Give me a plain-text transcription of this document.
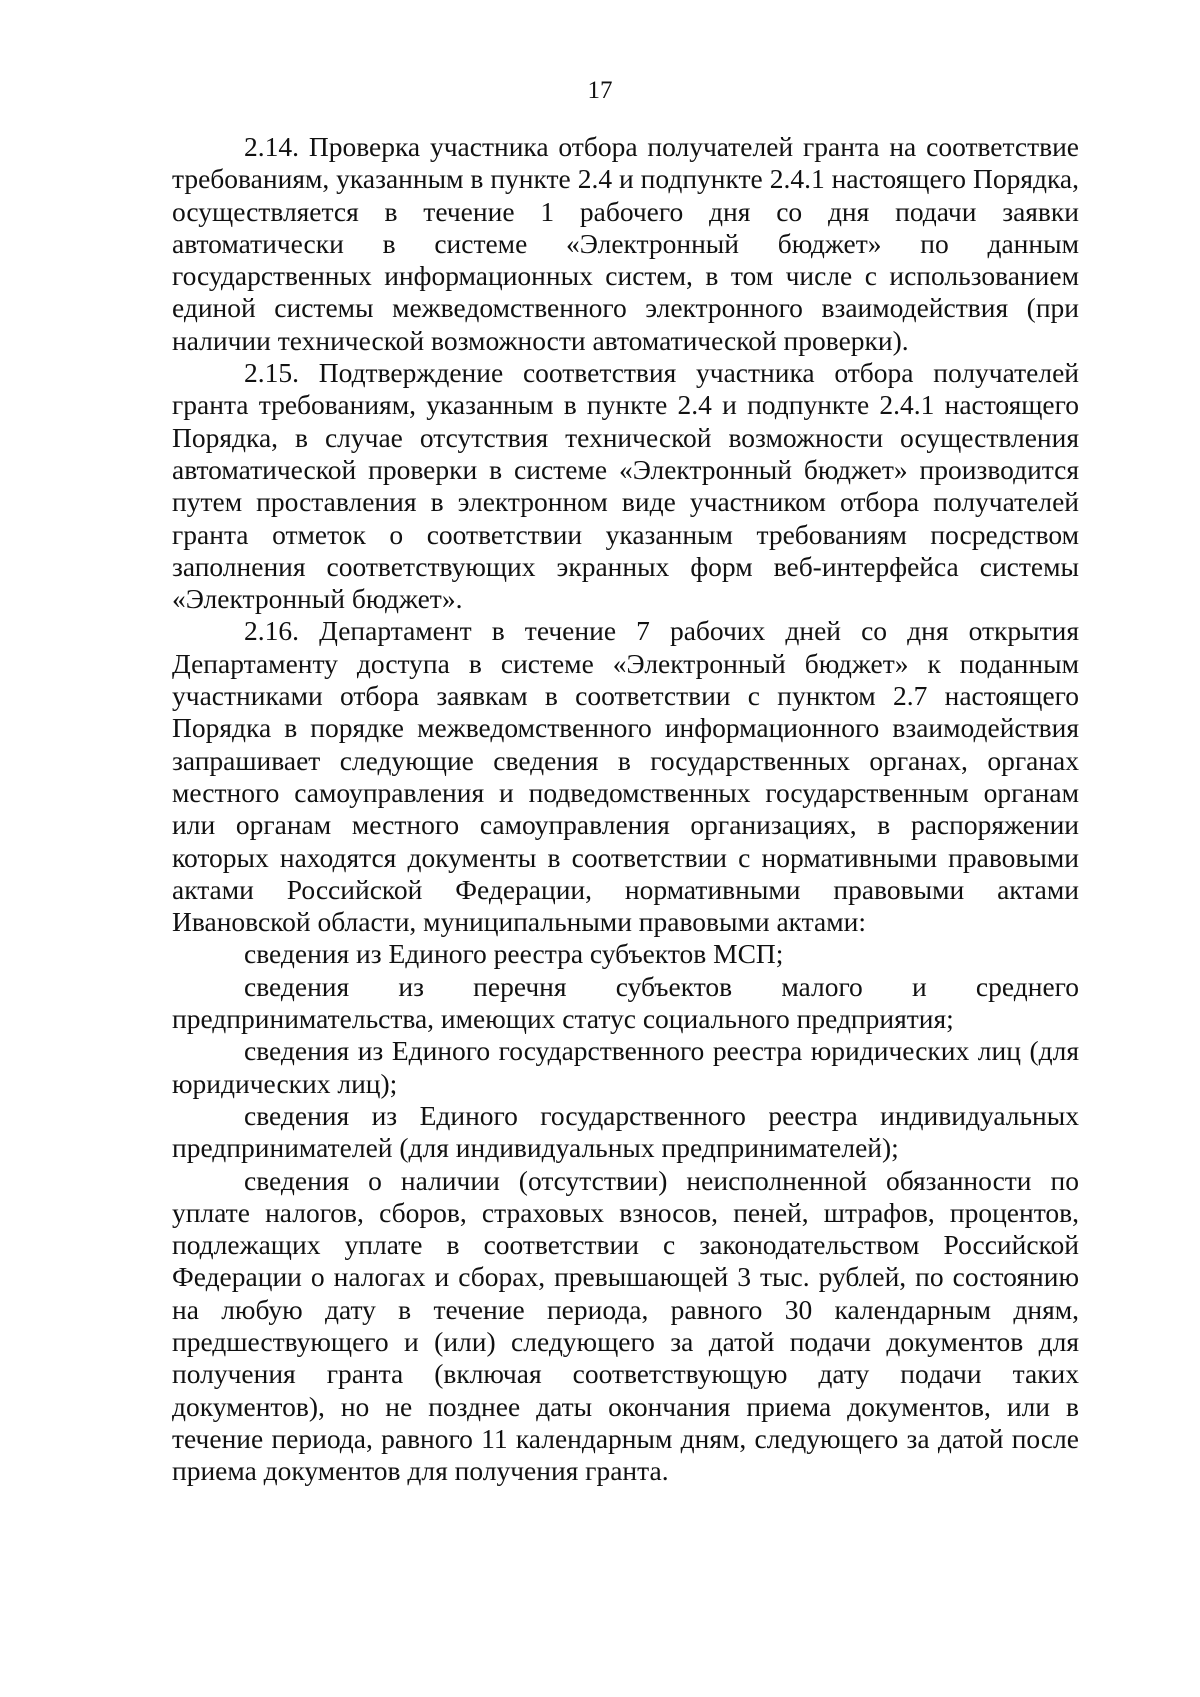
17

2.14. Проверка участника отбора получателей гранта на соответствие требованиям, указанным в пункте 2.4 и подпункте 2.4.1 настоящего Порядка, осуществляется в течение 1 рабочего дня со дня подачи заявки автоматически в системе «Электронный бюджет» по данным государственных информационных систем, в том числе с использованием единой системы межведомственного электронного взаимодействия (при наличии технической возможности автоматической проверки).

2.15. Подтверждение соответствия участника отбора получателей гранта требованиям, указанным в пункте 2.4 и подпункте 2.4.1 настоящего Порядка, в случае отсутствия технической возможности осуществления автоматической проверки в системе «Электронный бюджет» производится путем проставления в электронном виде участником отбора получателей гранта отметок о соответствии указанным требованиям посредством заполнения соответствующих экранных форм веб-интерфейса системы «Электронный бюджет».

2.16. Департамент в течение 7 рабочих дней со дня открытия Департаменту доступа в системе «Электронный бюджет» к поданным участниками отбора заявкам в соответствии с пунктом 2.7 настоящего Порядка в порядке межведомственного информационного взаимодействия запрашивает следующие сведения в государственных органах, органах местного самоуправления и подведомственных государственным органам или органам местного самоуправления организациях, в распоряжении которых находятся документы в соответствии с нормативными правовыми актами Российской Федерации, нормативными правовыми актами Ивановской области, муниципальными правовыми актами:

сведения из Единого реестра субъектов МСП;

сведения из перечня субъектов малого и среднего предпринимательства, имеющих статус социального предприятия;

сведения из Единого государственного реестра юридических лиц (для юридических лиц);

сведения из Единого государственного реестра индивидуальных предпринимателей (для индивидуальных предпринимателей);

сведения о наличии (отсутствии) неисполненной обязанности по уплате налогов, сборов, страховых взносов, пеней, штрафов, процентов, подлежащих уплате в соответствии с законодательством Российской Федерации о налогах и сборах, превышающей 3 тыс. рублей, по состоянию на любую дату в течение периода, равного 30 календарным дням, предшествующего и (или) следующего за датой подачи документов для получения гранта (включая соответствующую дату подачи таких документов), но не позднее даты окончания приема документов, или в течение периода, равного 11 календарным дням, следующего за датой после приема документов для получения гранта.
